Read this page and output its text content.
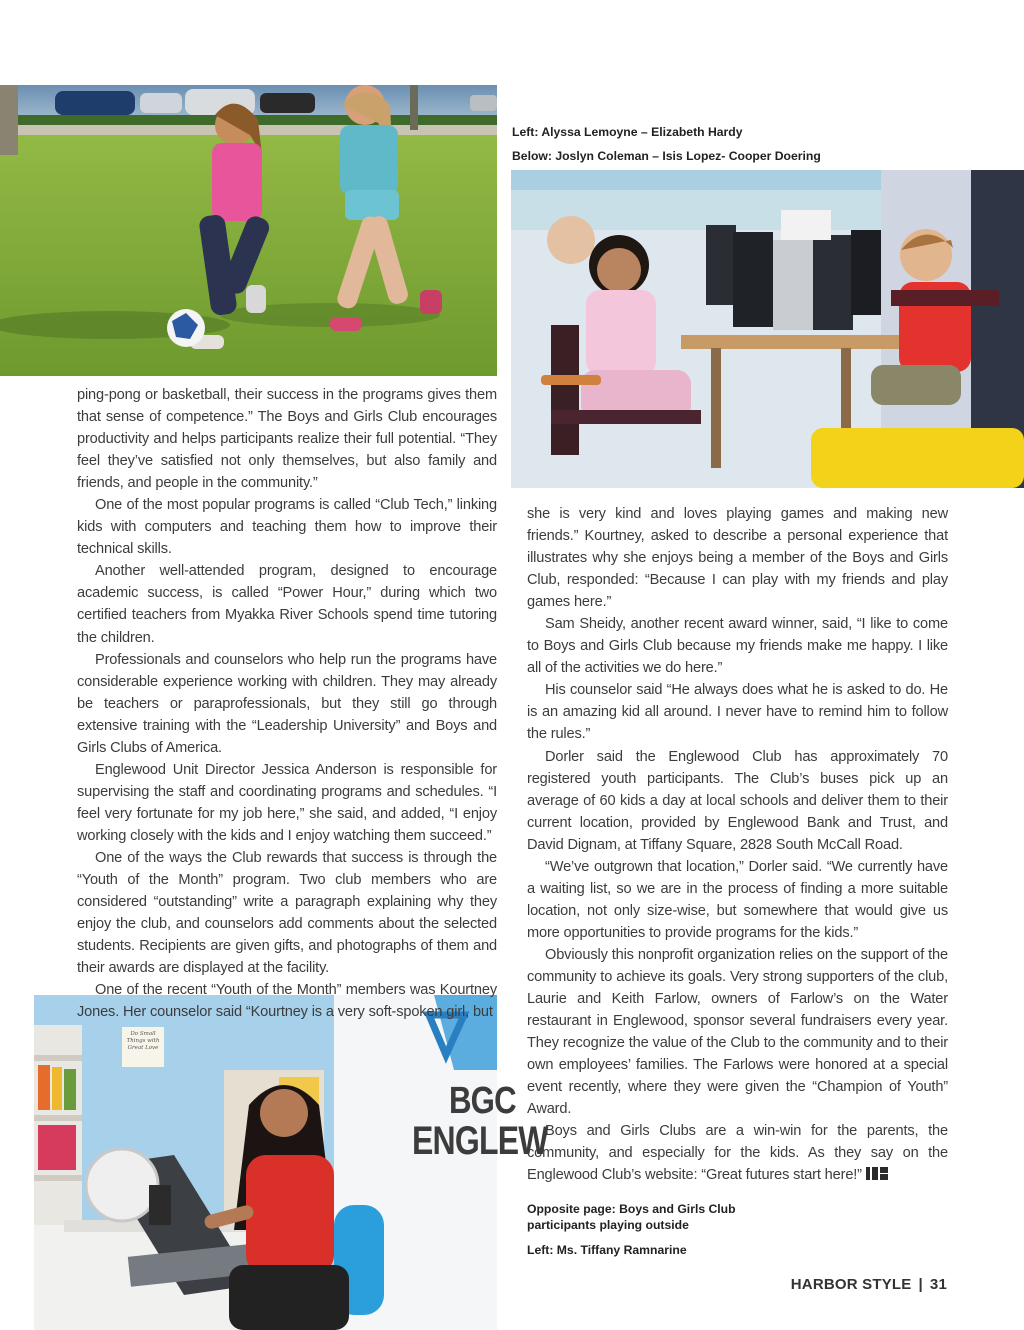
Do Small Things with Great Love
BGC
ENGLEW
Left: Alyssa Lemoyne – Elizabeth Hardy
Below: Joslyn Coleman – Isis Lopez- Cooper Doering

ping-pong or basketball, their success in the programs gives them that sense of competence.” The Boys and Girls Club encourages productivity and helps participants realize their full potential. “They feel they’ve satisfied not only themselves, but also family and friends, and people in the community.”

One of the most popular programs is called “Club Tech,” linking kids with computers and teaching them how to improve their technical skills.

Another well-attended program, designed to encourage academic success, is called “Power Hour,” during which two certified teachers from Myakka River Schools spend time tutoring the children.

Professionals and counselors who help run the programs have considerable experience working with children. They may already be teachers or paraprofessionals, but they still go through extensive training with the “Leadership University” and Boys and Girls Clubs of America.

Englewood Unit Director Jessica Anderson is responsible for supervising the staff and coordinating programs and schedules. “I feel very fortunate for my job here,” she said, and added, “I enjoy working closely with the kids and I enjoy watching them succeed.”

One of the ways the Club rewards that success is through the “Youth of the Month” program. Two club members who are considered “outstanding” write a paragraph explaining why they enjoy the club, and counselors add comments about the selected students. Recipients are given gifts, and photographs of them and their awards are displayed at the facility.

One of the recent “Youth of the Month” members was Kourtney Jones. Her counselor said “Kourtney is a very soft-spoken girl, but

she is very kind and loves playing games and making new friends.” Kourtney, asked to describe a personal experience that illustrates why she enjoys being a member of the Boys and Girls Club, responded: “Because I can play with my friends and play games here.”

Sam Sheidy, another recent award winner, said, “I like to come to Boys and Girls Club because my friends make me happy. I like all of the activities we do here.”

His counselor said “He always does what he is asked to do. He is an amazing kid all around. I never have to remind him to follow the rules.”

Dorler said the Englewood Club has approximately 70 registered youth participants. The Club’s buses pick up an average of 60 kids a day at local schools and deliver them to their current location, provided by Englewood Bank and Trust, and David Dignam, at Tiffany Square, 2828 South McCall Road.

“We’ve outgrown that location,” Dorler said. “We currently have a waiting list, so we are in the process of finding a more suitable location, not only size-wise, but somewhere that would give us more opportunities to provide programs for the kids.”

Obviously this nonprofit organization relies on the support of the community to achieve its goals. Very strong supporters of the club, Laurie and Keith Farlow, owners of Farlow’s on the Water restaurant in Englewood, sponsor several fundraisers every year. They recognize the value of the Club to the community and to their own employees’ families. The Farlows were honored at a special event recently, where they were given the “Champion of Youth” Award.

Boys and Girls Clubs are a win-win for the parents, the community, and especially for the kids. As they say on the Englewood Club’s website: “Great futures start here!”

Opposite page: Boys and Girls Club participants playing outside
Left: Ms. Tiffany Ramnarine
HARBOR STYLE | 31
